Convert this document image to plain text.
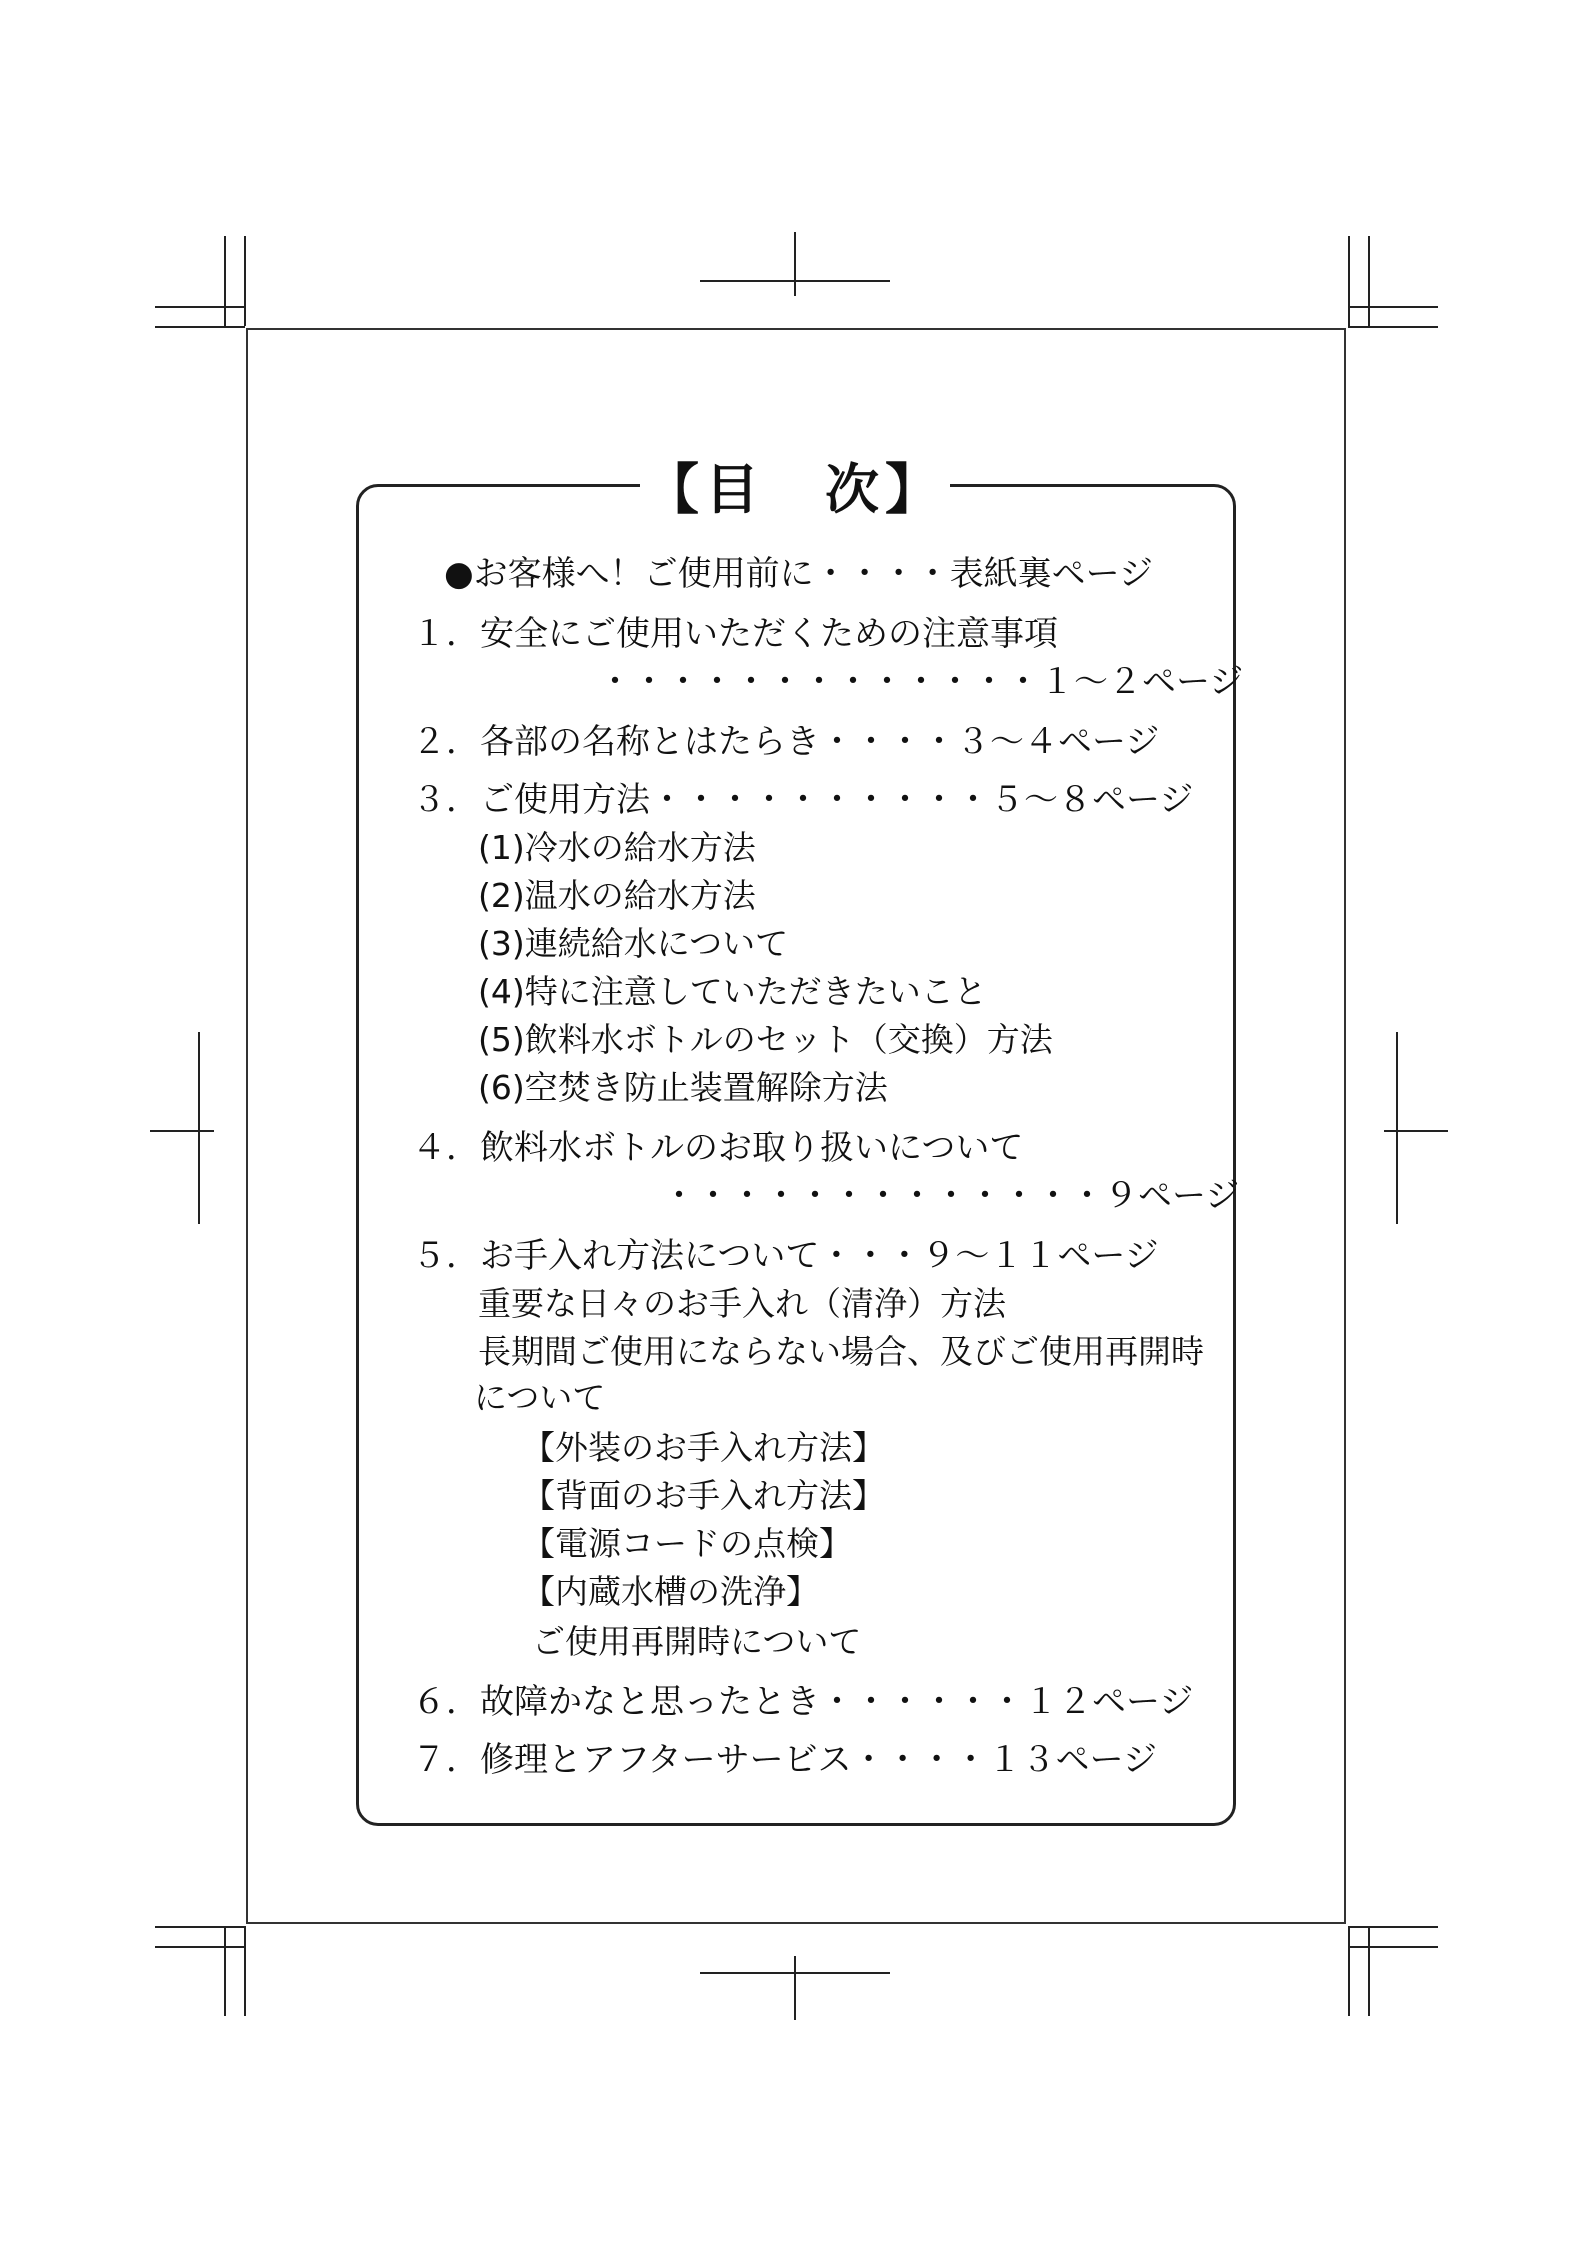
【目　次】
●お客様へ！ご使用前に・・・・表紙裏ページ
１．安全にご使用いただくための注意事項
・・・・・・・・・・・・・１～２ページ
２．各部の名称とはたらき・・・・３～４ページ
３．ご使用方法・・・・・・・・・・５～８ページ
(1)冷水の給水方法
(2)温水の給水方法
(3)連続給水について
(4)特に注意していただきたいこと
(5)飲料水ボトルのセット（交換）方法
(6)空焚き防止装置解除方法
４．飲料水ボトルのお取り扱いについて
・・・・・・・・・・・・・９ページ
５．お手入れ方法について・・・９～１１ページ
重要な日々のお手入れ（清浄）方法
長期間ご使用にならない場合、及びご使用再開時
について
【外装のお手入れ方法】
【背面のお手入れ方法】
【電源コードの点検】
【内蔵水槽の洗浄】
ご使用再開時について
６．故障かなと思ったとき・・・・・・１２ページ
７．修理とアフターサービス・・・・１３ページ
